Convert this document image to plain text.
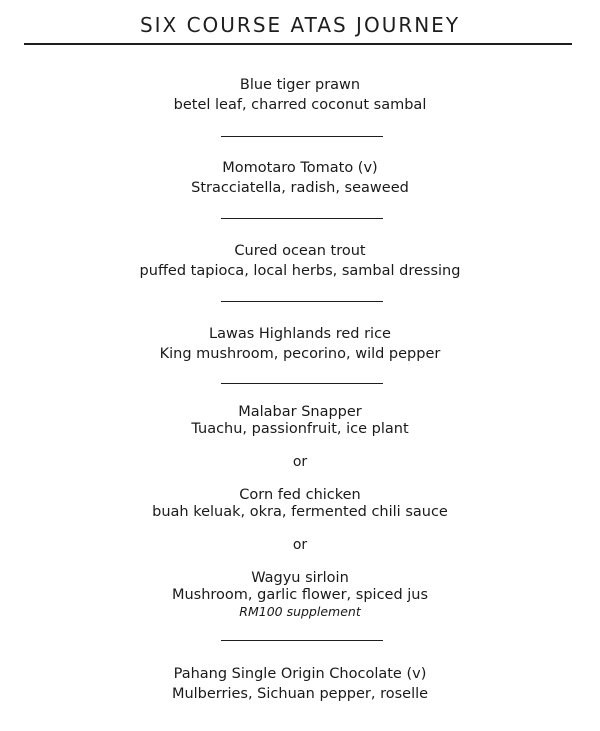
SIX COURSE ATAS JOURNEY
Blue tiger prawn
betel leaf, charred coconut sambal
Momotaro Tomato (v)
Stracciatella, radish, seaweed
Cured ocean trout
puffed tapioca, local herbs, sambal dressing
Lawas Highlands red rice
King mushroom, pecorino, wild pepper
Malabar Snapper
Tuachu, passionfruit, ice plant
or
Corn fed chicken
buah keluak, okra, fermented chili sauce
or
Wagyu sirloin
Mushroom, garlic flower, spiced jus
RM100 supplement
Pahang Single Origin Chocolate (v)
Mulberries, Sichuan pepper, roselle
